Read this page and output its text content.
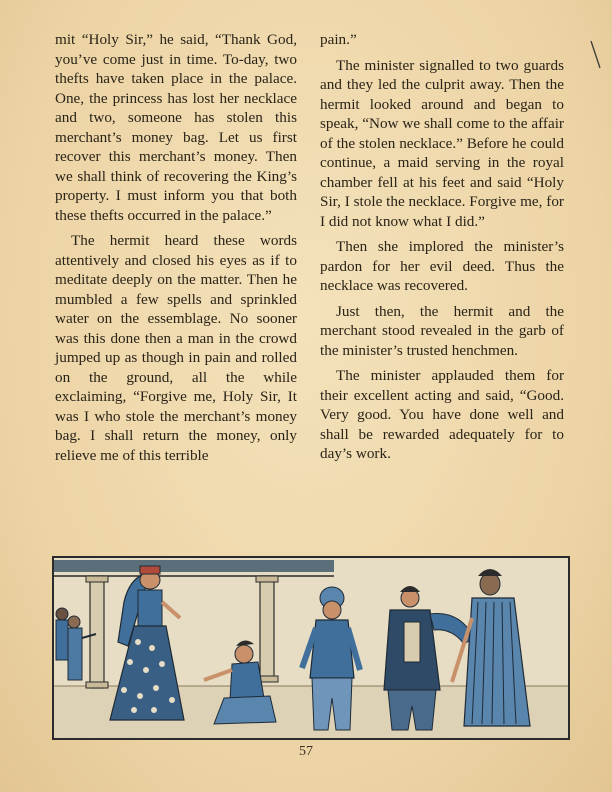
mit “Holy Sir,” he said, “Thank God, you’ve come just in time. To-day, two thefts have taken place in the palace. One, the princess has lost her necklace and two, someone has stolen this merchant’s money bag. Let us first recover this merchant’s money. Then we shall think of recovering the King’s property. I must inform you that both these thefts occurred in the palace.”

The hermit heard these words attentively and closed his eyes as if to meditate deeply on the matter. Then he mumbled a few spells and sprinkled water on the essemblage. No sooner was this done then a man in the crowd jumped up as though in pain and rolled on the ground, all the while exclaiming, “Forgive me, Holy Sir, It was I who stole the merchant’s money bag. I shall return the money, only relieve me of this terrible

pain.”

The minister signalled to two guards and they led the culprit away. Then the hermit looked around and began to speak, “Now we shall come to the affair of the stolen necklace.” Before he could continue, a maid serving in the royal chamber fell at his feet and said “Holy Sir, I stole the necklace. Forgive me, for I did not know what I did.”

Then she implored the minister’s pardon for her evil deed. Thus the necklace was recovered.

Just then, the hermit and the merchant stood revealed in the garb of the minister’s trusted henchmen.

The minister applauded them for their excellent acting and said, “Good. Very good. You have done well and shall be rewarded adequately for to day’s work.

57
